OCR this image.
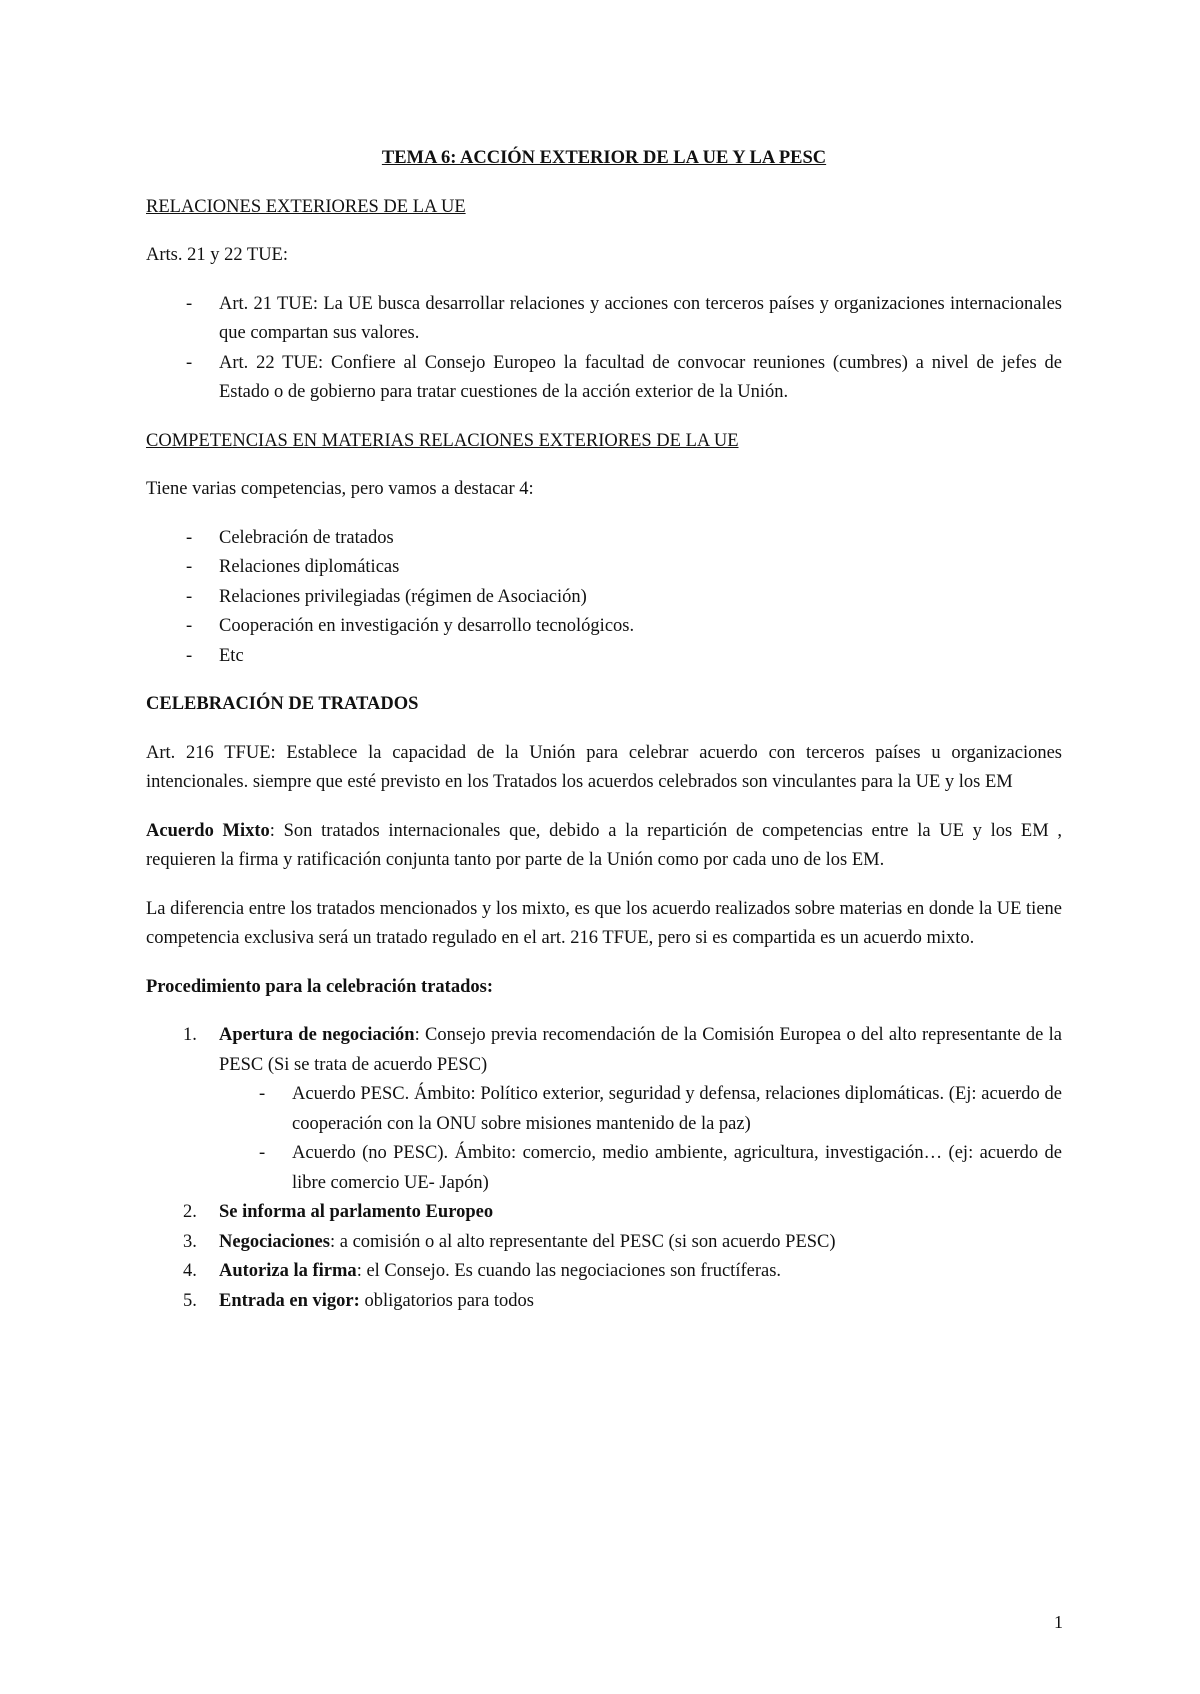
TEMA 6: ACCIÓN EXTERIOR DE LA UE Y LA PESC
RELACIONES EXTERIORES DE LA UE

Arts. 21 y 22 TUE:

- Art. 21 TUE: La UE busca desarrollar relaciones y acciones con terceros países y organizaciones internacionales que compartan sus valores.
- Art. 22 TUE: Confiere al Consejo Europeo la facultad de convocar reuniones (cumbres) a nivel de jefes de Estado o de gobierno para tratar cuestiones de la acción exterior de la Unión.
COMPETENCIAS EN MATERIAS RELACIONES EXTERIORES DE LA UE

Tiene varias competencias, pero vamos a destacar 4:

- Celebración de tratados
- Relaciones diplomáticas
- Relaciones privilegiadas (régimen de Asociación)
- Cooperación en investigación y desarrollo tecnológicos.
- Etc
CELEBRACIÓN DE TRATADOS

Art. 216 TFUE: Establece la capacidad de la Unión para celebrar acuerdo con terceros países u organizaciones intencionales. siempre que esté previsto en los Tratados los acuerdos celebrados son vinculantes para la UE y los EM

Acuerdo Mixto: Son tratados internacionales que, debido a la repartición de competencias entre la UE y los EM , requieren la firma y ratificación conjunta tanto por parte de la Unión como por cada uno de los EM.

La diferencia entre los tratados mencionados y los mixto, es que los acuerdo realizados sobre materias en donde la UE tiene competencia exclusiva será un tratado regulado en el art. 216 TFUE, pero si es compartida es un acuerdo mixto.

Procedimiento para la celebración tratados:
1. Apertura de negociación: Consejo previa recomendación de la Comisión Europea o del alto representante de la PESC (Si se trata de acuerdo PESC)
- Acuerdo PESC. Ámbito: Político exterior, seguridad y defensa, relaciones diplomáticas. (Ej: acuerdo de cooperación con la ONU sobre misiones mantenido de la paz)
- Acuerdo (no PESC). Ámbito: comercio, medio ambiente, agricultura, investigación… (ej: acuerdo de libre comercio UE- Japón)
2. Se informa al parlamento Europeo
3. Negociaciones: a comisión o al alto representante del PESC (si son acuerdo PESC)
4. Autoriza la firma: el Consejo. Es cuando las negociaciones son fructíferas.
5. Entrada en vigor: obligatorios para todos
1
